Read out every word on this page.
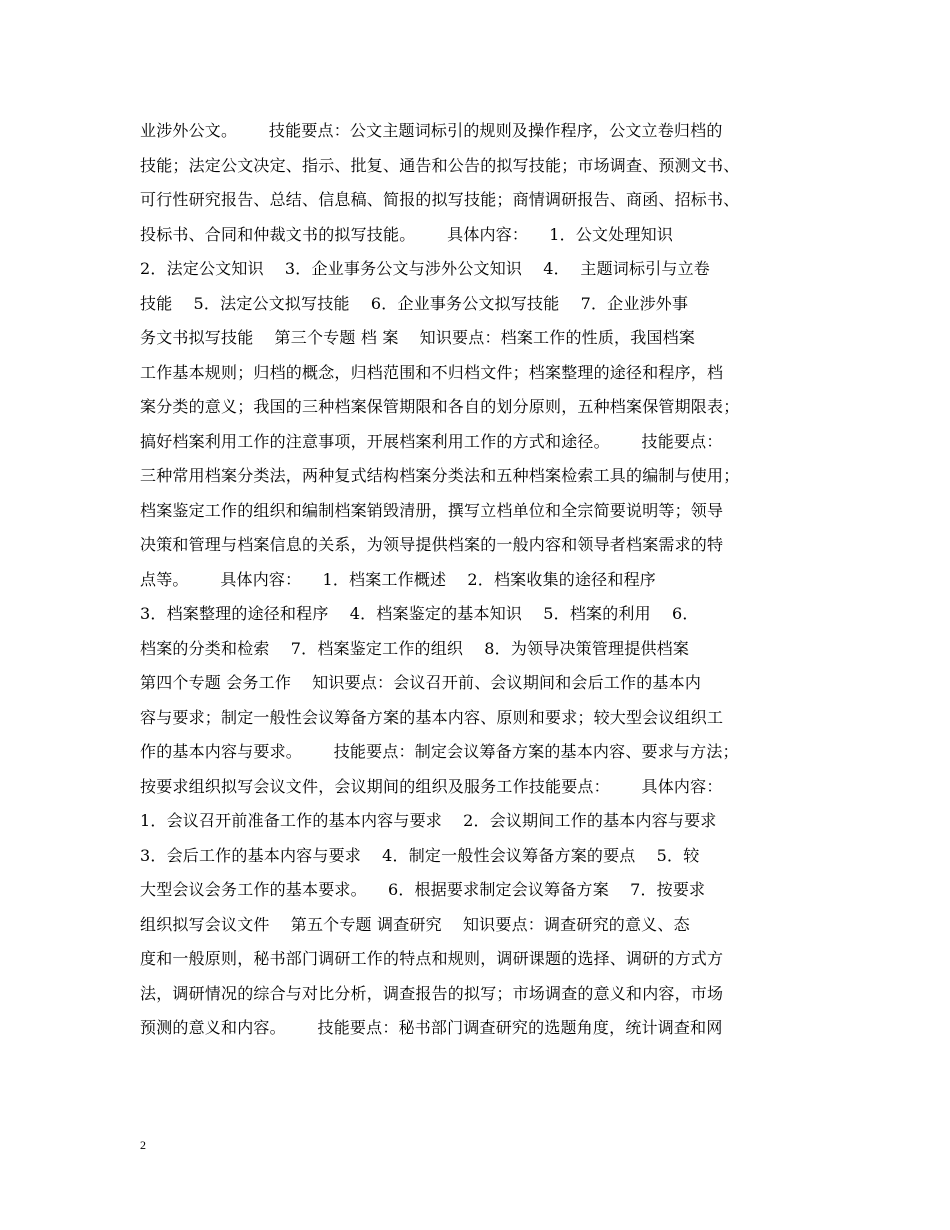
业涉外公文。      技能要点：公文主题词标引的规则及操作程序，公文立卷归档的
技能；法定公文决定、指示、批复、通告和公告的拟写技能；市场调查、预测文书、
可行性研究报告、总结、信息稿、简报的拟写技能；商情调研报告、商函、招标书、
投标书、合同和仲裁文书的拟写技能。      具体内容：    1．公文处理知识
2．法定公文知识    3．企业事务公文与涉外公文知识    4．  主题词标引与立卷
技能    5．法定公文拟写技能    6．企业事务公文拟写技能    7．企业涉外事
务文书拟写技能    第三个专题 档 案    知识要点：档案工作的性质，我国档案
工作基本规则；归档的概念，归档范围和不归档文件；档案整理的途径和程序，档
案分类的意义；我国的三种档案保管期限和各自的划分原则，五种档案保管期限表；
搞好档案利用工作的注意事项，开展档案利用工作的方式和途径。      技能要点：
三种常用档案分类法，两种复式结构档案分类法和五种档案检索工具的编制与使用；
档案鉴定工作的组织和编制档案销毁清册，撰写立档单位和全宗简要说明等；领导
决策和管理与档案信息的关系，为领导提供档案的一般内容和领导者档案需求的特
点等。      具体内容：    1．档案工作概述    2．档案收集的途径和程序
3．档案整理的途径和程序    4．档案鉴定的基本知识    5．档案的利用    6．
档案的分类和检索    7．档案鉴定工作的组织    8．为领导决策管理提供档案
第四个专题 会务工作    知识要点：会议召开前、会议期间和会后工作的基本内
容与要求；制定一般性会议筹备方案的基本内容、原则和要求；较大型会议组织工
作的基本内容与要求。      技能要点：制定会议筹备方案的基本内容、要求与方法；
按要求组织拟写会议文件，会议期间的组织及服务工作技能要点：      具体内容：
1．会议召开前准备工作的基本内容与要求    2．会议期间工作的基本内容与要求
3．会后工作的基本内容与要求    4．制定一般性会议筹备方案的要点    5．较
大型会议会务工作的基本要求。    6．根据要求制定会议筹备方案    7．按要求
组织拟写会议文件    第五个专题 调查研究    知识要点：调查研究的意义、态
度和一般原则，秘书部门调研工作的特点和规则，调研课题的选择、调研的方式方
法，调研情况的综合与对比分析，调查报告的拟写；市场调查的意义和内容，市场
预测的意义和内容。      技能要点：秘书部门调查研究的选题角度，统计调查和网
2
